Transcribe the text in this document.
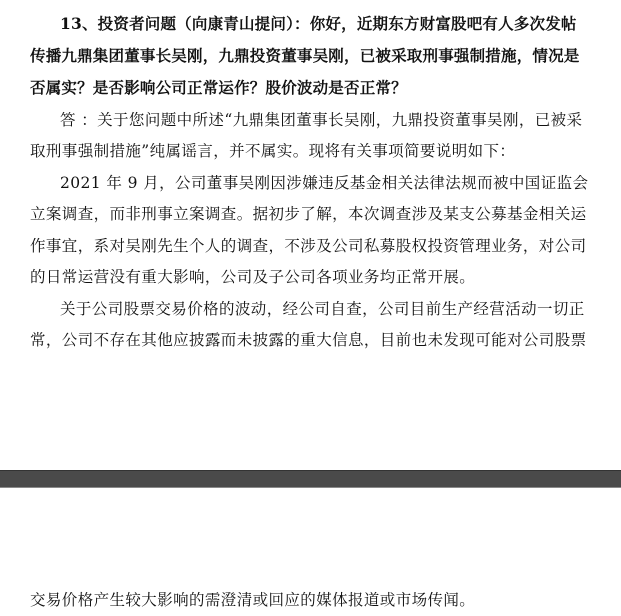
13、投资者问题（向康青山提问）：你好，近期东方财富股吧有人多次发帖
传播九鼎集团董事长吴刚，九鼎投资董事吴刚，已被采取刑事强制措施，情况是
否属实？是否影响公司正常运作？股价波动是否正常？
答 ：关于您问题中所述“九鼎集团董事长吴刚，九鼎投资董事吴刚，已被采
取刑事强制措施”纯属谣言，并不属实。现将有关事项简要说明如下：
2021 年 9 月，公司董事吴刚因涉嫌违反基金相关法律法规而被中国证监会
立案调查，而非刑事立案调查。据初步了解，本次调查涉及某支公募基金相关运
作事宜，系对吴刚先生个人的调查，不涉及公司私募股权投资管理业务，对公司
的日常运营没有重大影响，公司及子公司各项业务均正常开展。
关于公司股票交易价格的波动，经公司自查，公司目前生产经营活动一切正
常，公司不存在其他应披露而未披露的重大信息，目前也未发现可能对公司股票
交易价格产生较大影响的需澄清或回应的媒体报道或市场传闻。
